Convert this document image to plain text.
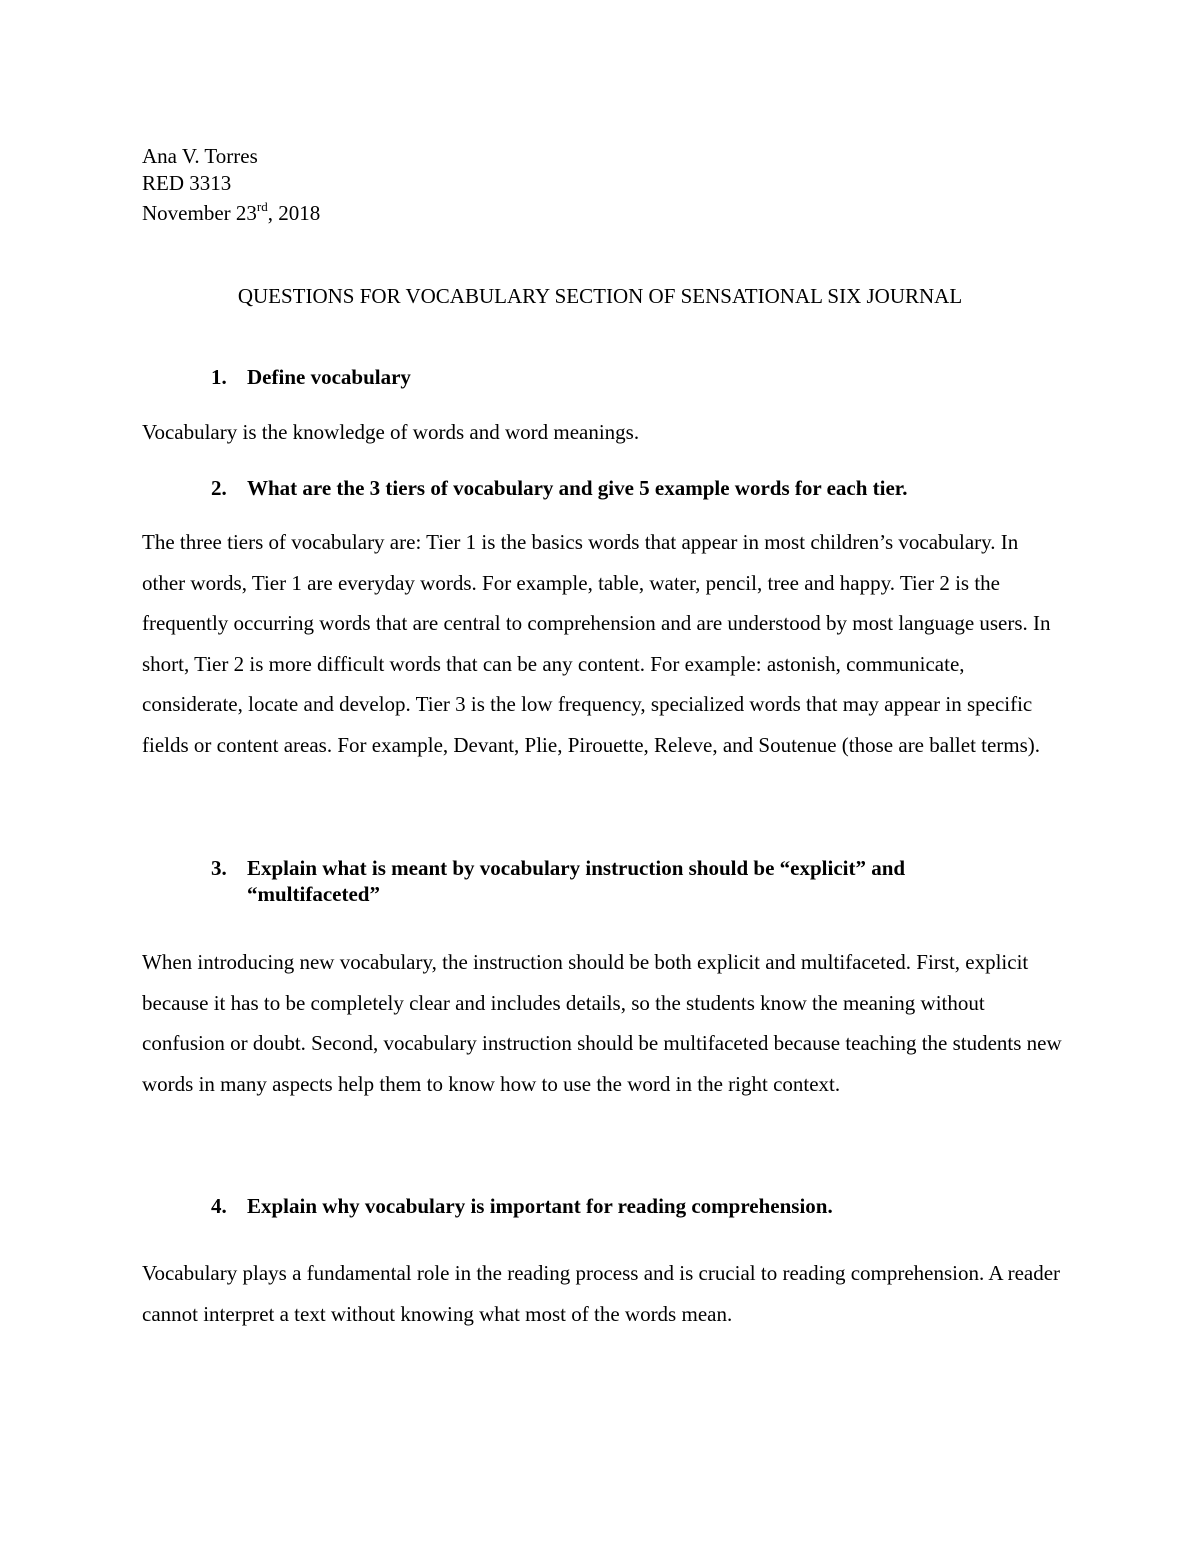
Ana V. Torres
RED 3313
November 23rd, 2018
QUESTIONS FOR VOCABULARY SECTION OF SENSATIONAL SIX JOURNAL
1. Define vocabulary
Vocabulary is the knowledge of words and word meanings.
2. What are the 3 tiers of vocabulary and give 5 example words for each tier.
The three tiers of vocabulary are: Tier 1 is the basics words that appear in most children’s vocabulary. In other words, Tier 1 are everyday words. For example, table, water, pencil, tree and happy. Tier 2 is the frequently occurring words that are central to comprehension and are understood by most language users. In short, Tier 2 is more difficult words that can be any content. For example: astonish, communicate, considerate, locate and develop. Tier 3 is the low frequency, specialized words that may appear in specific fields or content areas. For example, Devant, Plie, Pirouette, Releve, and Soutenue (those are ballet terms).
3. Explain what is meant by vocabulary instruction should be “explicit” and “multifaceted”
When introducing new vocabulary, the instruction should be both explicit and multifaceted. First, explicit because it has to be completely clear and includes details, so the students know the meaning without confusion or doubt. Second, vocabulary instruction should be multifaceted because teaching the students new words in many aspects help them to know how to use the word in the right context.
4. Explain why vocabulary is important for reading comprehension.
Vocabulary plays a fundamental role in the reading process and is crucial to reading comprehension. A reader cannot interpret a text without knowing what most of the words mean.
